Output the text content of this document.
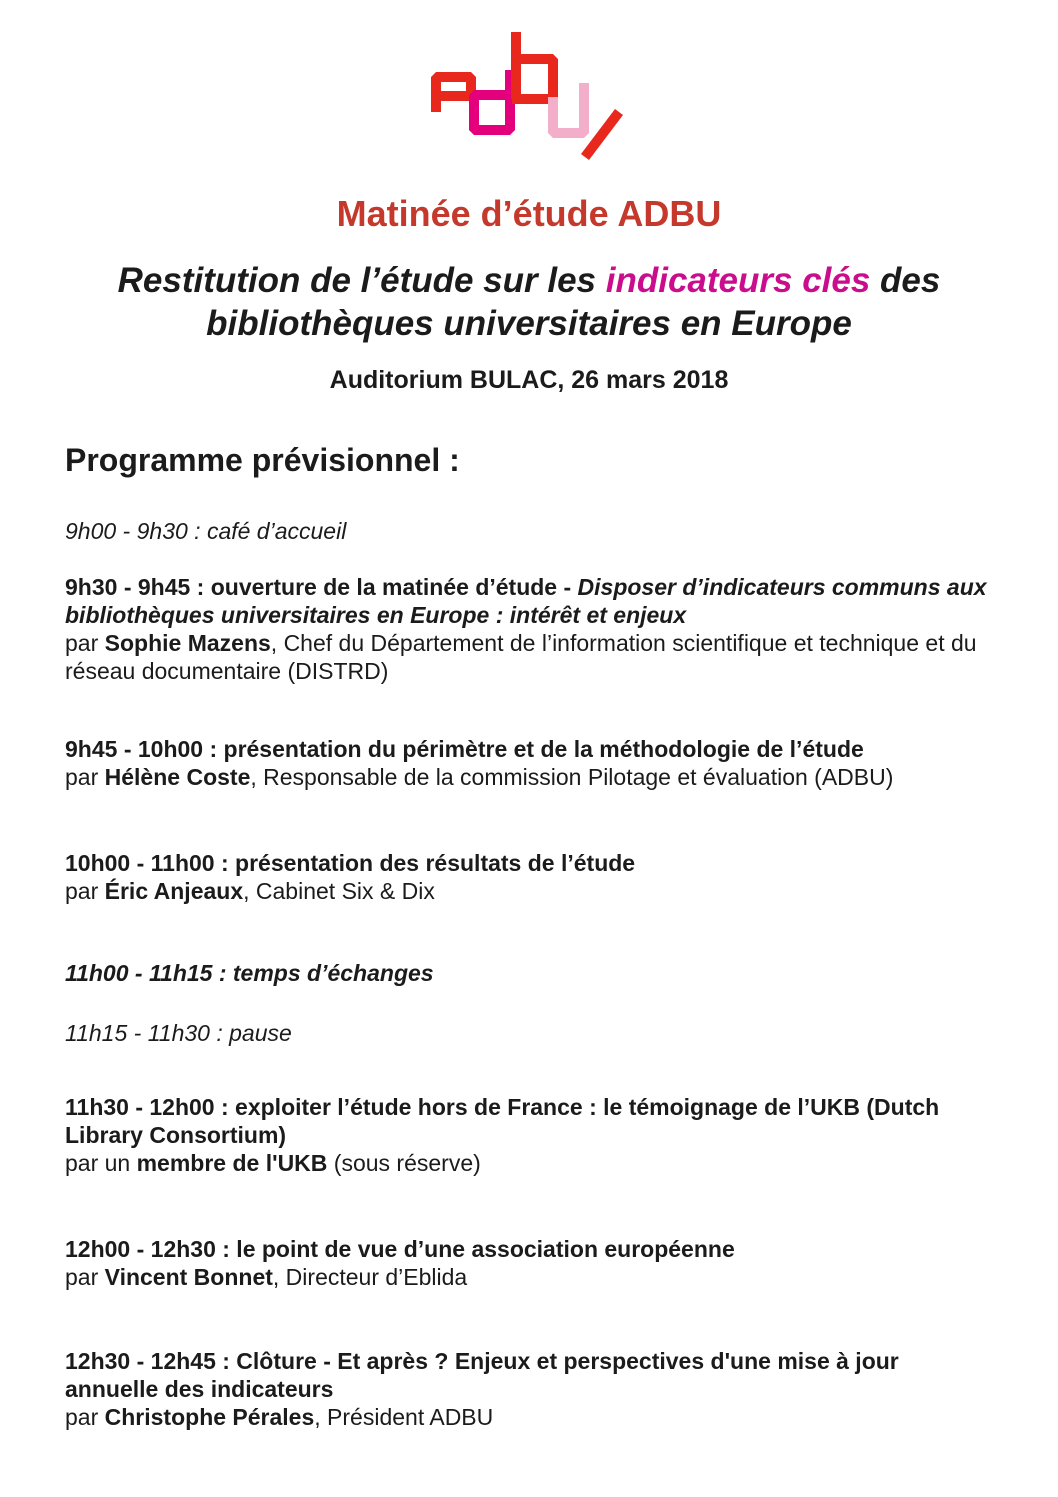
Matinée d’étude ADBU
Restitution de l’étude sur les indicateurs clés des
bibliothèques universitaires en Europe
Auditorium BULAC, 26 mars 2018
Programme prévisionnel :
9h00 - 9h30 : café d’accueil
9h30 - 9h45 : ouverture de la matinée d’étude - Disposer d’indicateurs communs aux
bibliothèques universitaires en Europe : intérêt et enjeux
par Sophie Mazens, Chef du Département de l’information scientifique et technique et du
réseau documentaire (DISTRD)
9h45 - 10h00 : présentation du périmètre et de la méthodologie de l’étude
par Hélène Coste, Responsable de la commission Pilotage et évaluation (ADBU)
10h00 - 11h00 : présentation des résultats de l’étude
par Éric Anjeaux, Cabinet Six & Dix
11h00 - 11h15 : temps d’échanges
11h15 - 11h30 : pause
11h30 - 12h00 : exploiter l’étude hors de France : le témoignage de l’UKB (Dutch
Library Consortium)
par un membre de l'UKB (sous réserve)
12h00 - 12h30 : le point de vue d’une association européenne
par Vincent Bonnet, Directeur d’Eblida
12h30 - 12h45 : Clôture - Et après ? Enjeux et perspectives d'une mise à jour
annuelle des indicateurs
par Christophe Pérales, Président ADBU
